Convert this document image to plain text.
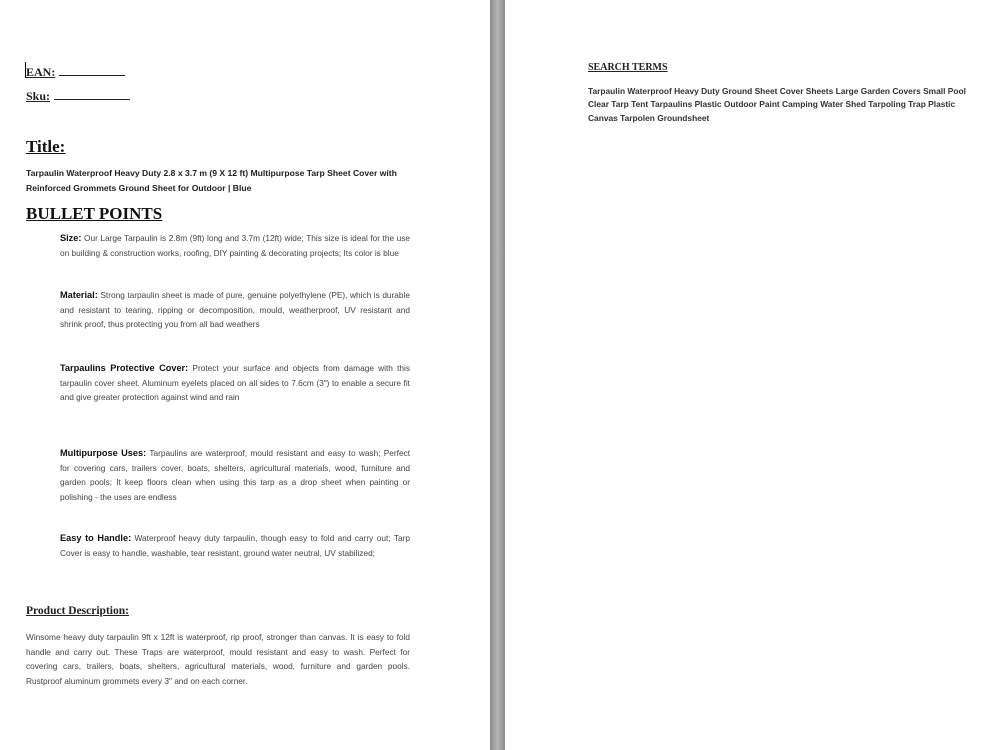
EAN:
Sku:
Title:

Tarpaulin Waterproof Heavy Duty 2.8 x 3.7 m (9 X 12 ft) Multipurpose Tarp Sheet Cover with Reinforced Grommets Ground Sheet for Outdoor | Blue

BULLET POINTS

Size: Our Large Tarpaulin is 2.8m (9ft) long and 3.7m (12ft) wide; This size is ideal for the use on building & construction works, roofing, DIY painting & decorating projects; Its color is blue

Material: Strong tarpaulin sheet is made of pure, genuine polyethylene (PE), which is durable and resistant to tearing, ripping or decomposition, mould, weatherproof, UV resistant and shrink proof, thus protecting you from all bad weathers

Tarpaulins Protective Cover: Protect your surface and objects from damage with this tarpaulin cover sheet. Aluminum eyelets placed on all sides to 7.6cm (3") to enable a secure fit and give greater protection against wind and rain

Multipurpose Uses: Tarpaulins are waterproof, mould resistant and easy to wash; Perfect for covering cars, trailers cover, boats, shelters, agricultural materials, wood, furniture and garden pools; It keep floors clean when using this tarp as a drop sheet when painting or polishing - the uses are endless

Easy to Handle: Waterproof heavy duty tarpaulin, though easy to fold and carry out; Tarp Cover is easy to handle, washable, tear resistant, ground water neutral, UV stabilized;

Product Description:

Winsome heavy duty tarpaulin 9ft x 12ft is waterproof, rip proof, stronger than canvas. It is easy to fold handle and carry out. These Traps are waterproof, mould resistant and easy to wash. Perfect for covering cars, trailers, boats, shelters, agricultural materials, wood, furniture and garden pools. Rustproof aluminum grommets every 3" and on each corner.

SEARCH TERMS

Tarpaulin Waterproof Heavy Duty Ground Sheet Cover Sheets Large Garden Covers Small Pool Clear Tarp Tent Tarpaulins Plastic Outdoor Paint Camping Water Shed Tarpoling Trap Plastic Canvas Tarpolen Groundsheet
